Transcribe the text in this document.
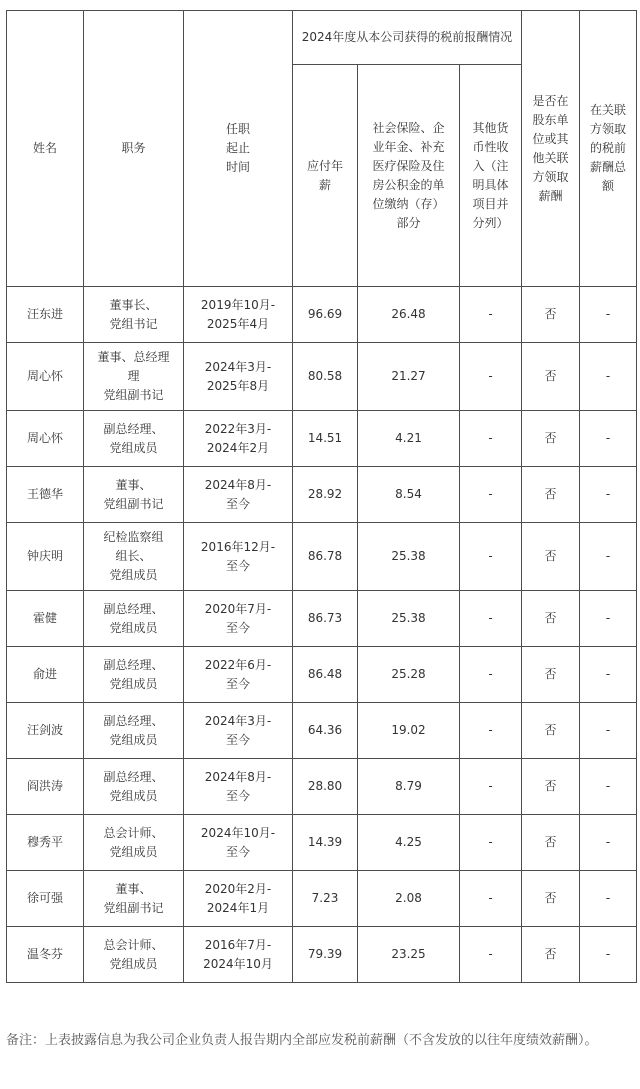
姓名	职务	任职
起止
时间	2024年度从本公司获得的税前报酬情况			是否在股东单位或其他关联方领取薪酬	在关联方领取的税前薪酬总额
			应付年薪	社会保险、企业年金、补充医疗保险及住房公积金的单位缴纳（存）部分	其他货币性收入（注明具体项目并分列）		
汪东进	董事长、
党组书记	2019年10月-
2025年4月	96.69	26.48	-	否	-
周心怀	董事、总经理
理
党组副书记	2024年3月-
2025年8月	80.58	21.27	-	否	-
周心怀	副总经理、
党组成员	2022年3月-
2024年2月	14.51	4.21	-	否	-
王德华	董事、
党组副书记	2024年8月-
至今	28.92	8.54	-	否	-
钟庆明	纪检监察组
组长、
党组成员	2016年12月-
至今	86.78	25.38	-	否	-
霍健	副总经理、
党组成员	2020年7月-
至今	86.73	25.38	-	否	-
俞进	副总经理、
党组成员	2022年6月-
至今	86.48	25.28	-	否	-
汪剑波	副总经理、
党组成员	2024年3月-
至今	64.36	19.02	-	否	-
阎洪涛	副总经理、
党组成员	2024年8月-
至今	28.80	8.79	-	否	-
穆秀平	总会计师、
党组成员	2024年10月-
至今	14.39	4.25	-	否	-
徐可强	董事、
党组副书记	2020年2月-
2024年1月	7.23	2.08	-	否	-
温冬芬	总会计师、
党组成员	2016年7月-
2024年10月	79.39	23.25	-	否	-
备注：上表披露信息为我公司企业负责人报告期内全部应发税前薪酬（不含发放的以往年度绩效薪酬）。
